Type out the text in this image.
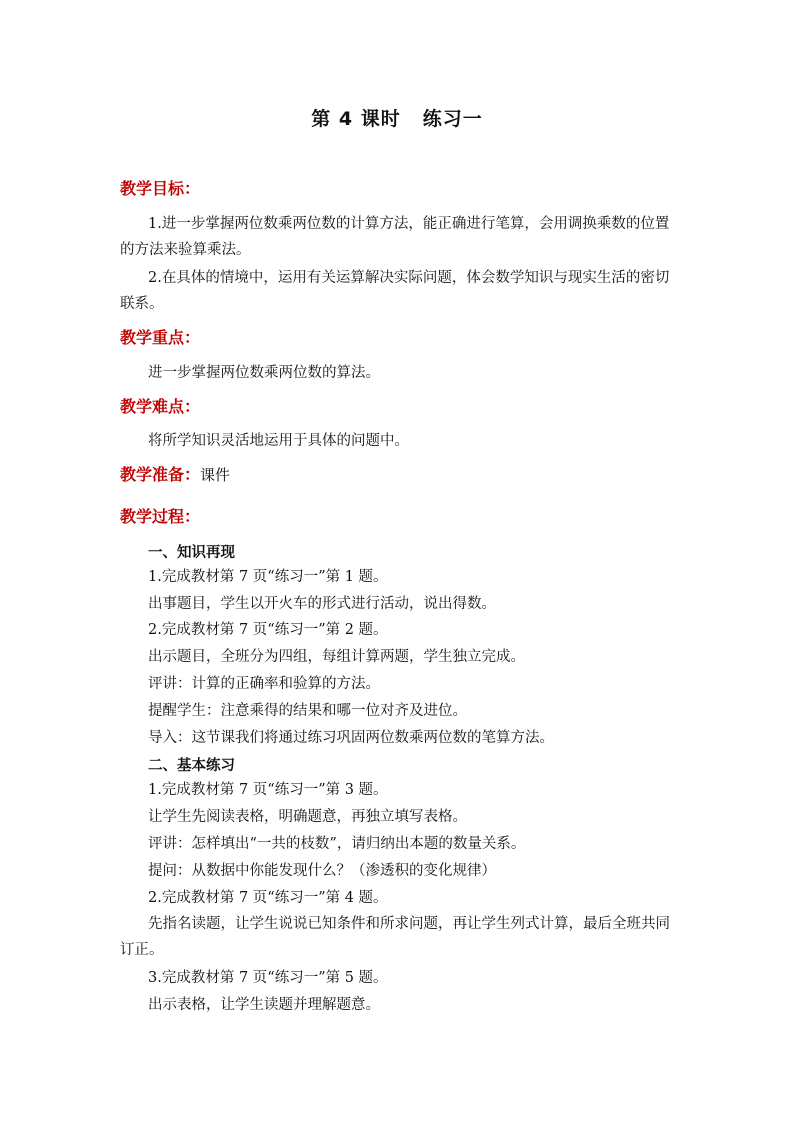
第 4 课时 练习一
教学目标：
1.进一步掌握两位数乘两位数的计算方法，能正确进行笔算，会用调换乘数的位置的方法来验算乘法。
2.在具体的情境中，运用有关运算解决实际问题，体会数学知识与现实生活的密切联系。
教学重点：
进一步掌握两位数乘两位数的算法。
教学难点：
将所学知识灵活地运用于具体的问题中。
教学准备：课件
教学过程：
一、知识再现
1.完成教材第 7 页“练习一”第 1 题。
出事题目，学生以开火车的形式进行活动，说出得数。
2.完成教材第 7 页“练习一”第 2 题。
出示题目，全班分为四组，每组计算两题，学生独立完成。
评讲：计算的正确率和验算的方法。
提醒学生：注意乘得的结果和哪一位对齐及进位。
导入：这节课我们将通过练习巩固两位数乘两位数的笔算方法。
二、基本练习
1.完成教材第 7 页“练习一”第 3 题。
让学生先阅读表格，明确题意，再独立填写表格。
评讲：怎样填出“一共的枝数”，请归纳出本题的数量关系。
提问：从数据中你能发现什么？（渗透积的变化规律）
2.完成教材第 7 页“练习一”第 4 题。
先指名读题，让学生说说已知条件和所求问题，再让学生列式计算，最后全班共同订正。
3.完成教材第 7 页“练习一”第 5 题。
出示表格，让学生读题并理解题意。
